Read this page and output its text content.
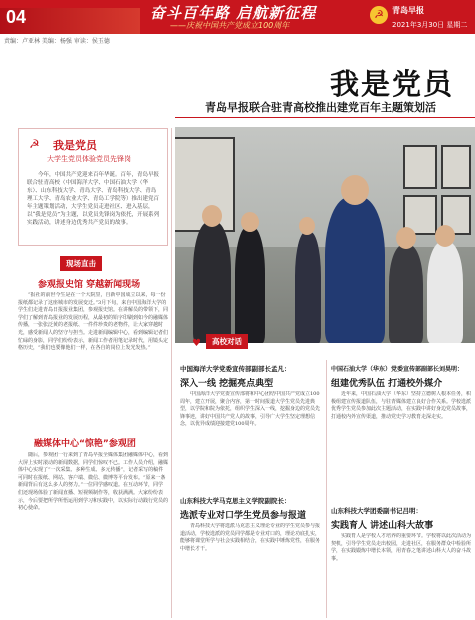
04	奋斗百年路 启航新征程
——庆祝中国共产党成立100周年
☭	青岛早报
2021年3月30日 星期二
责编：卢亚林 美编：杨强 审读：侯玉德
我是党员
青岛早报联合驻青高校推出建党百年主题策划活
☭ 我是党员
大学生党员体验党员先锋岗
今年，中国共产党迎来百年华诞。百年，青岛早报联合驻青高校（中国海洋大学、中国石油大学（华东）、山东科技大学、青岛大学、青岛科技大学、青岛理工大学、青岛农业大学、青岛工学院等）推出建党百年主题策划活动，大学生党员走进社区、进入基层，以“我是党员”为主题，以党员先锋岗为依托，开展系列实践活动，讲述身边优秀共产党员的故事。
现场直击
参观报史馆 穿越新闻现场
“报社的前世今生是在一个大院里，自新中国成立以来，每一份报纸都记录了这座城市的发展变迁。”3月下旬，来自中国海洋大学的学生们走进青岛日报报业集团，参观报史馆。在讲解员的带领下，同学们了解到青岛报业的发展历程，从最初的铅字印刷到如今的融媒体传播，一张张泛黄的老报纸、一件件珍贵的老物件，让大家穿越时光，感受新闻人的坚守与担当。走进新闻编辑中心，看到编辑记者们忙碌的身影，同学们纷纷表示，新闻工作者用笔记录时代，用镜头定格历史，“我们也要像他们一样，在各自的岗位上发光发热。”
融媒体中心“惊艳”参观团
随后，参观团一行来到了青岛早报全媒体集团融媒体中心，看到大屏上实时滚动的新闻数据，同学们惊叹不已。工作人员介绍，融媒体中心实现了“一次采集、多种生成、多元传播”，记者采写的稿件可同时在报纸、网站、客户端、微信、微博等平台发布。“原来一条新闻背后有这么多人的努力。”一位同学感叹道。在互动环节，同学们还现场体验了新闻直播、短视频制作等，收获满满。大家纷纷表示，今后要把所学所悟运用到学习和实践中，以实际行动践行党员的初心使命。
♥	高校对话
中国海洋大学党委宣传部副部长孟凡：
深入一线 挖掘亮点典型
中国海洋大学党委宣传部将和中心团结中国共产党成立100周年，建立开展，聚合内容，第一时间报道大学生党员先进典型，以学院和院为依托，组织学生深入一线，挖掘身边的党员先锋事迹，讲好中国共产党人的故事，引导广大学生坚定理想信念，以优异成绩迎接建党100周年。
山东科技大学马克思主义学院副院长：
选派专业对口学生党员参与报道
青岛科技大学将选派马克思主义理论专业的学生党员参与报道活动，学校选派的党员同学都是专业对口的，理论功底扎实，能够将课堂所学与社会实践相结合，在实践中锤炼党性，在服务中增长才干。
中国石油大学（华东）党委宣传部副部长刘昊明：
组建优秀队伍 打通校外媒介
近年来，中国石油大学（华东）坚持立德树人根本任务，积极组建宣传报道队伍，与驻青媒体建立良好合作关系。学校选派优秀学生党员参加此次主题活动，在实践中讲好身边党员故事，打通校内外宣传渠道，推动党史学习教育走深走实。
山东科技大学团委副书记吕明：
实践育人 讲述山科大故事
实践育人是学校人才培养的重要环节。学校将以此次活动为契机，引导学生党员走出校园，走进社区，在服务群众中检验所学，在实践锻炼中增长本领，用青春之笔讲述山科大人的奋斗故事。
